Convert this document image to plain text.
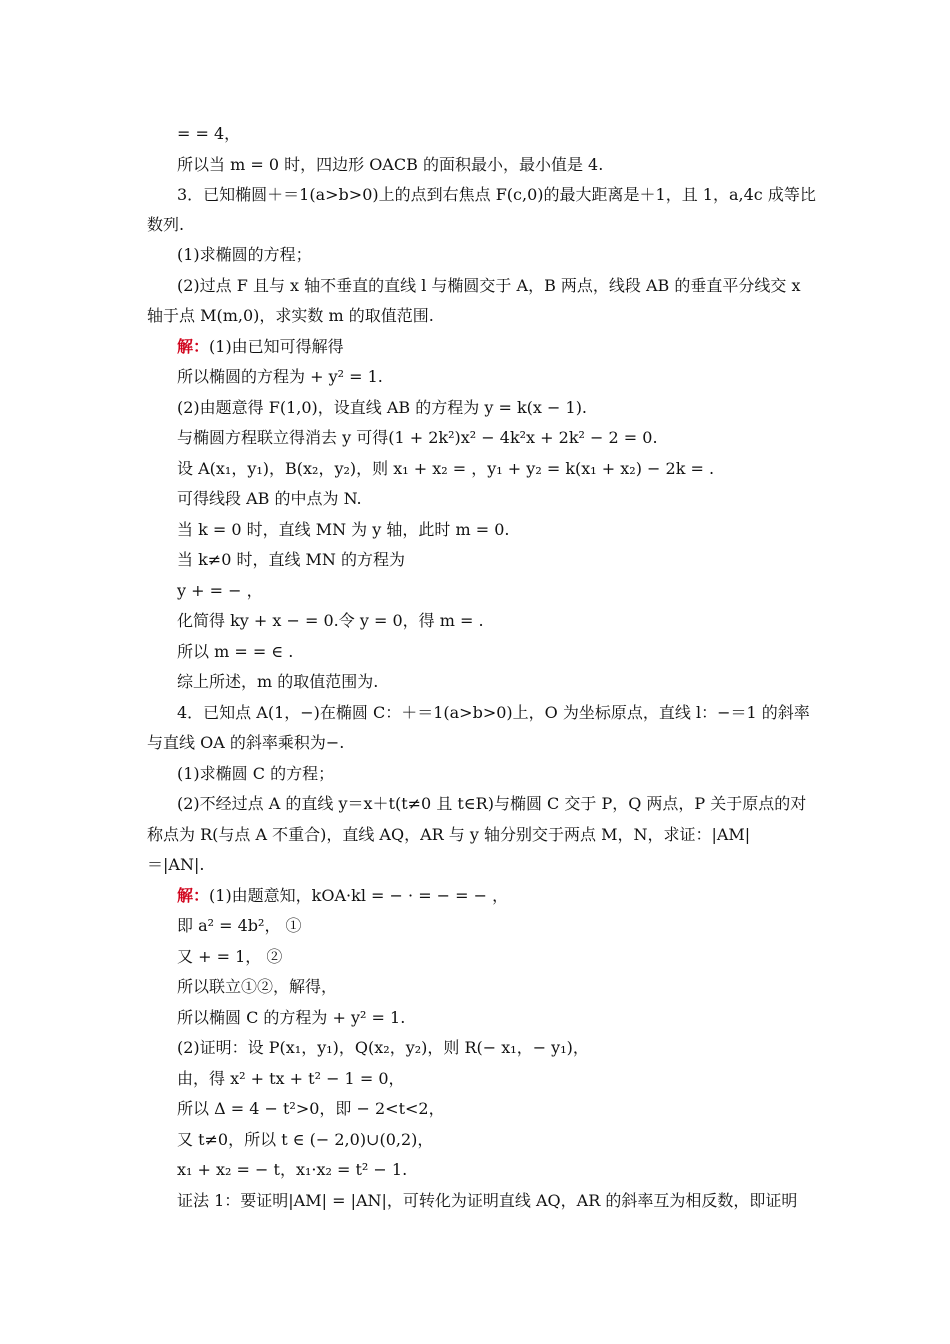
= = 4，
所以当 m = 0 时，四边形 OACB 的面积最小，最小值是 4.
3．已知椭圆＋＝1(a>b>0)上的点到右焦点 F(c,0)的最大距离是＋1，且 1，a,4c 成等比
数列.
(1)求椭圆的方程；
(2)过点 F 且与 x 轴不垂直的直线 l 与椭圆交于 A，B 两点，线段 AB 的垂直平分线交 x
轴于点 M(m,0)，求实数 m 的取值范围.
解：(1)由已知可得解得
所以椭圆的方程为 + y² = 1.
(2)由题意得 F(1,0)，设直线 AB 的方程为 y = k(x − 1).
与椭圆方程联立得消去 y 可得(1 + 2k²)x² − 4k²x + 2k² − 2 = 0.
设 A(x₁，y₁)，B(x₂，y₂)，则 x₁ + x₂ = ，y₁ + y₂ = k(x₁ + x₂) − 2k = .
可得线段 AB 的中点为 N.
当 k = 0 时，直线 MN 为 y 轴，此时 m = 0.
当 k≠0 时，直线 MN 的方程为
y + = − ，
化简得 ky + x − = 0.令 y = 0，得 m = .
所以 m = = ∈ .
综上所述，m 的取值范围为.
4．已知点 A(1，−)在椭圆 C：＋＝1(a>b>0)上，O 为坐标原点，直线 l：−＝1 的斜率
与直线 OA 的斜率乘积为−.
(1)求椭圆 C 的方程；
(2)不经过点 A 的直线 y＝x＋t(t≠0 且 t∈R)与椭圆 C 交于 P，Q 两点，P 关于原点的对
称点为 R(与点 A 不重合)，直线 AQ，AR 与 y 轴分别交于两点 M，N，求证：|AM|
＝|AN|.
解：(1)由题意知，kOA·kl = − · = − = − ，
即 a² = 4b²， ①
又 + = 1， ②
所以联立①②，解得，
所以椭圆 C 的方程为 + y² = 1.
(2)证明：设 P(x₁，y₁)，Q(x₂，y₂)，则 R(− x₁，− y₁)，
由，得 x² + tx + t² − 1 = 0，
所以 Δ = 4 − t²>0，即 − 2<t<2，
又 t≠0，所以 t ∈ (− 2,0)∪(0,2)，
x₁ + x₂ = − t，x₁·x₂ = t² − 1.
证法 1：要证明|AM| = |AN|，可转化为证明直线 AQ，AR 的斜率互为相反数，即证明
